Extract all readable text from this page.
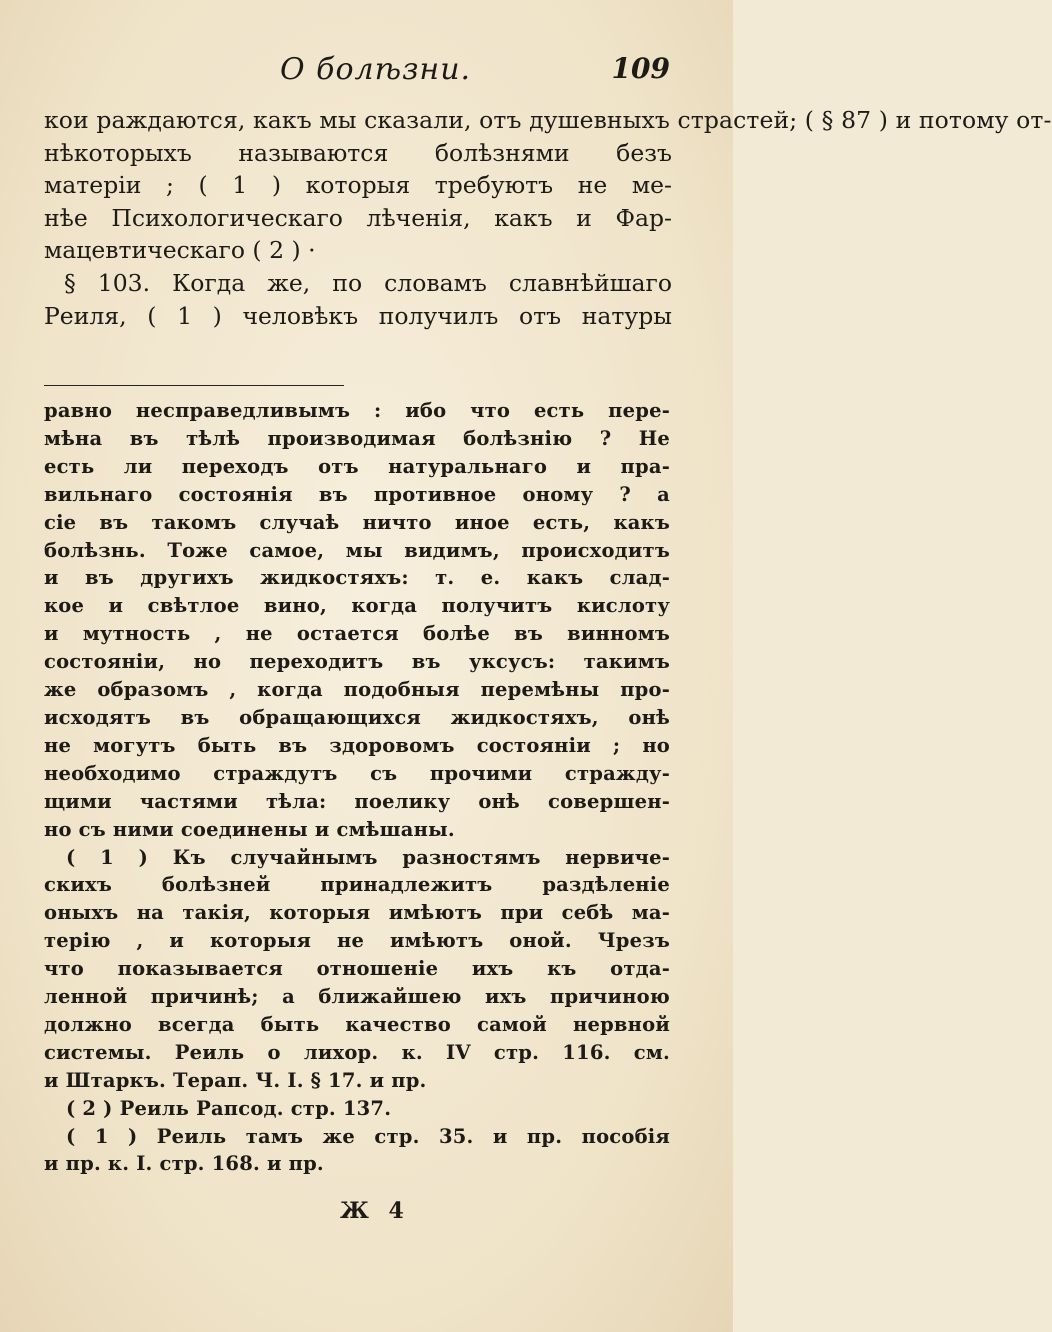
О болѣзни.	109
кои раждаются, какъ мы сказали, отъ душевныхъ страстей; ( § 87 ) и потому от-
нѣкоторыхъ называются болѣзнями безъ
матеріи ; ( 1 ) которыя требуютъ не ме-
нѣе Психологическаго лѣченія, какъ и Фар-
мацевтическаго ( 2 ) ·
§ 103. Когда же, по словамъ славнѣйшаго
Реиля, ( 1 ) человѣкъ получилъ отъ натуры
равно несправедливымъ : ибо что есть пере-
мѣна въ тѣлѣ производимая болѣзнію ? Не
есть ли переходъ отъ натуральнаго и пра-
вильнаго состоянія въ противное оному ? а
сіе въ такомъ случаѣ ничто иное есть, какъ
болѣзнь. Тоже самое, мы видимъ, происходитъ
и въ другихъ жидкостяхъ: т. е. какъ слад-
кое и свѣтлое вино, когда получитъ кислоту
и мутность , не остается болѣе въ винномъ
состояніи, но переходитъ въ уксусъ: такимъ
же образомъ , когда подобныя перемѣны про-
исходятъ въ обращающихся жидкостяхъ, онѣ
не могутъ быть въ здоровомъ состояніи ; но
необходимо страждутъ съ прочими стражду-
щими частями тѣла: поелику онѣ совершен-
но съ ними соединены и смѣшаны.
( 1 ) Къ случайнымъ разностямъ нервиче-
скихъ болѣзней принадлежитъ раздѣленіе
оныхъ на такія, которыя имѣютъ при себѣ ма-
терію , и которыя не имѣютъ оной. Чрезъ
что показывается отношеніе ихъ къ отда-
ленной причинѣ; а ближайшею ихъ причиною
должно всегда быть качество самой нервной
системы. Реиль о лихор. к. IV стр. 116. см.
и Штаркъ. Терап. Ч. I. § 17. и пр.
( 2 ) Реиль Рапсод. стр. 137.
( 1 ) Реиль тамъ же стр. 35. и пр. пособія
и пр. к. I. стр. 168. и пр.
Ж 4
